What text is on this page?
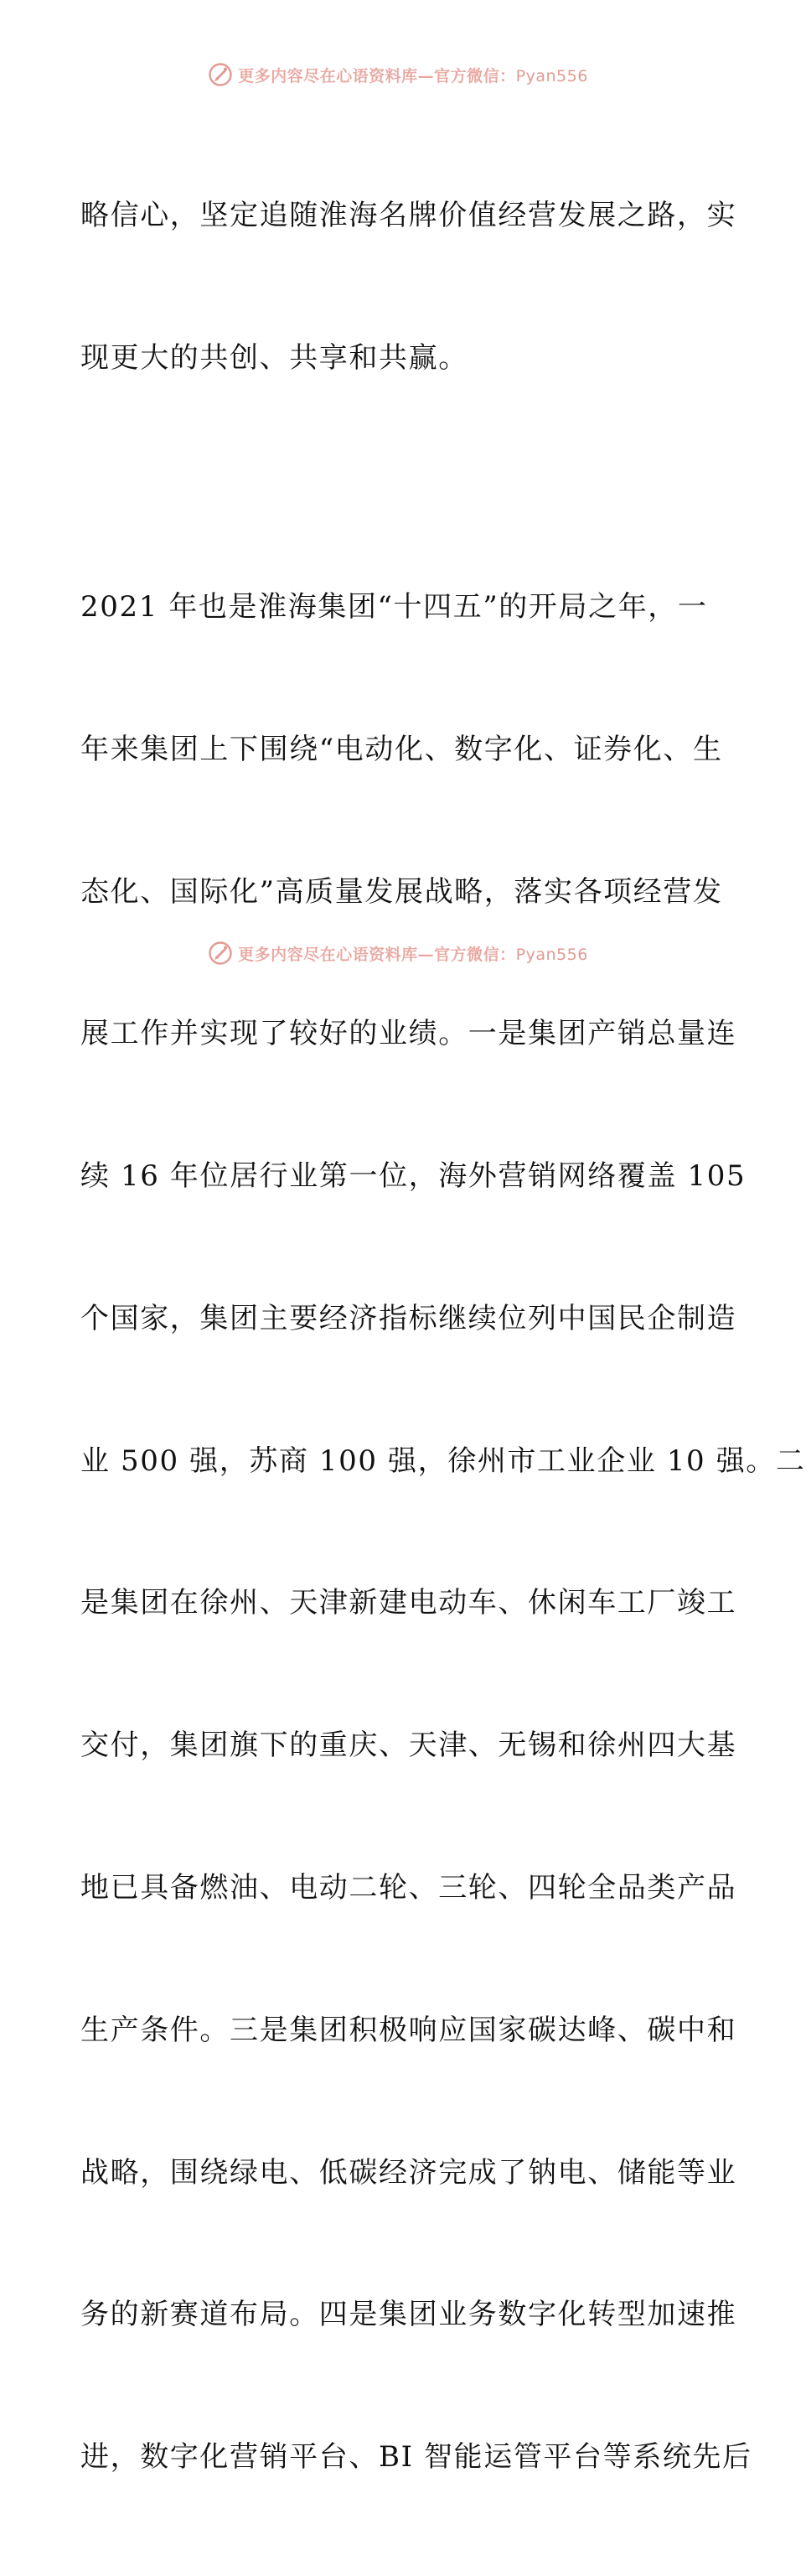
更多内容尽在心语资料库—官方微信：Pyan556

略信心，坚定追随淮海名牌价值经营发展之路，实

现更大的共创、共享和共赢。

2021 年也是淮海集团“十四五”的开局之年，一

年来集团上下围绕“电动化、数字化、证券化、生

态化、国际化”高质量发展战略，落实各项经营发

展工作并实现了较好的业绩。一是集团产销总量连

续 16 年位居行业第一位，海外营销网络覆盖 105

个国家，集团主要经济指标继续位列中国民企制造

业 500 强，苏商 100 强，徐州市工业企业 10 强。二

是集团在徐州、天津新建电动车、休闲车工厂竣工

交付，集团旗下的重庆、天津、无锡和徐州四大基

地已具备燃油、电动二轮、三轮、四轮全品类产品

生产条件。三是集团积极响应国家碳达峰、碳中和

战略，围绕绿电、低碳经济完成了钠电、储能等业

务的新赛道布局。四是集团业务数字化转型加速推

进，数字化营销平台、BI 智能运管平台等系统先后

更多内容尽在心语资料库—官方微信：Pyan556
